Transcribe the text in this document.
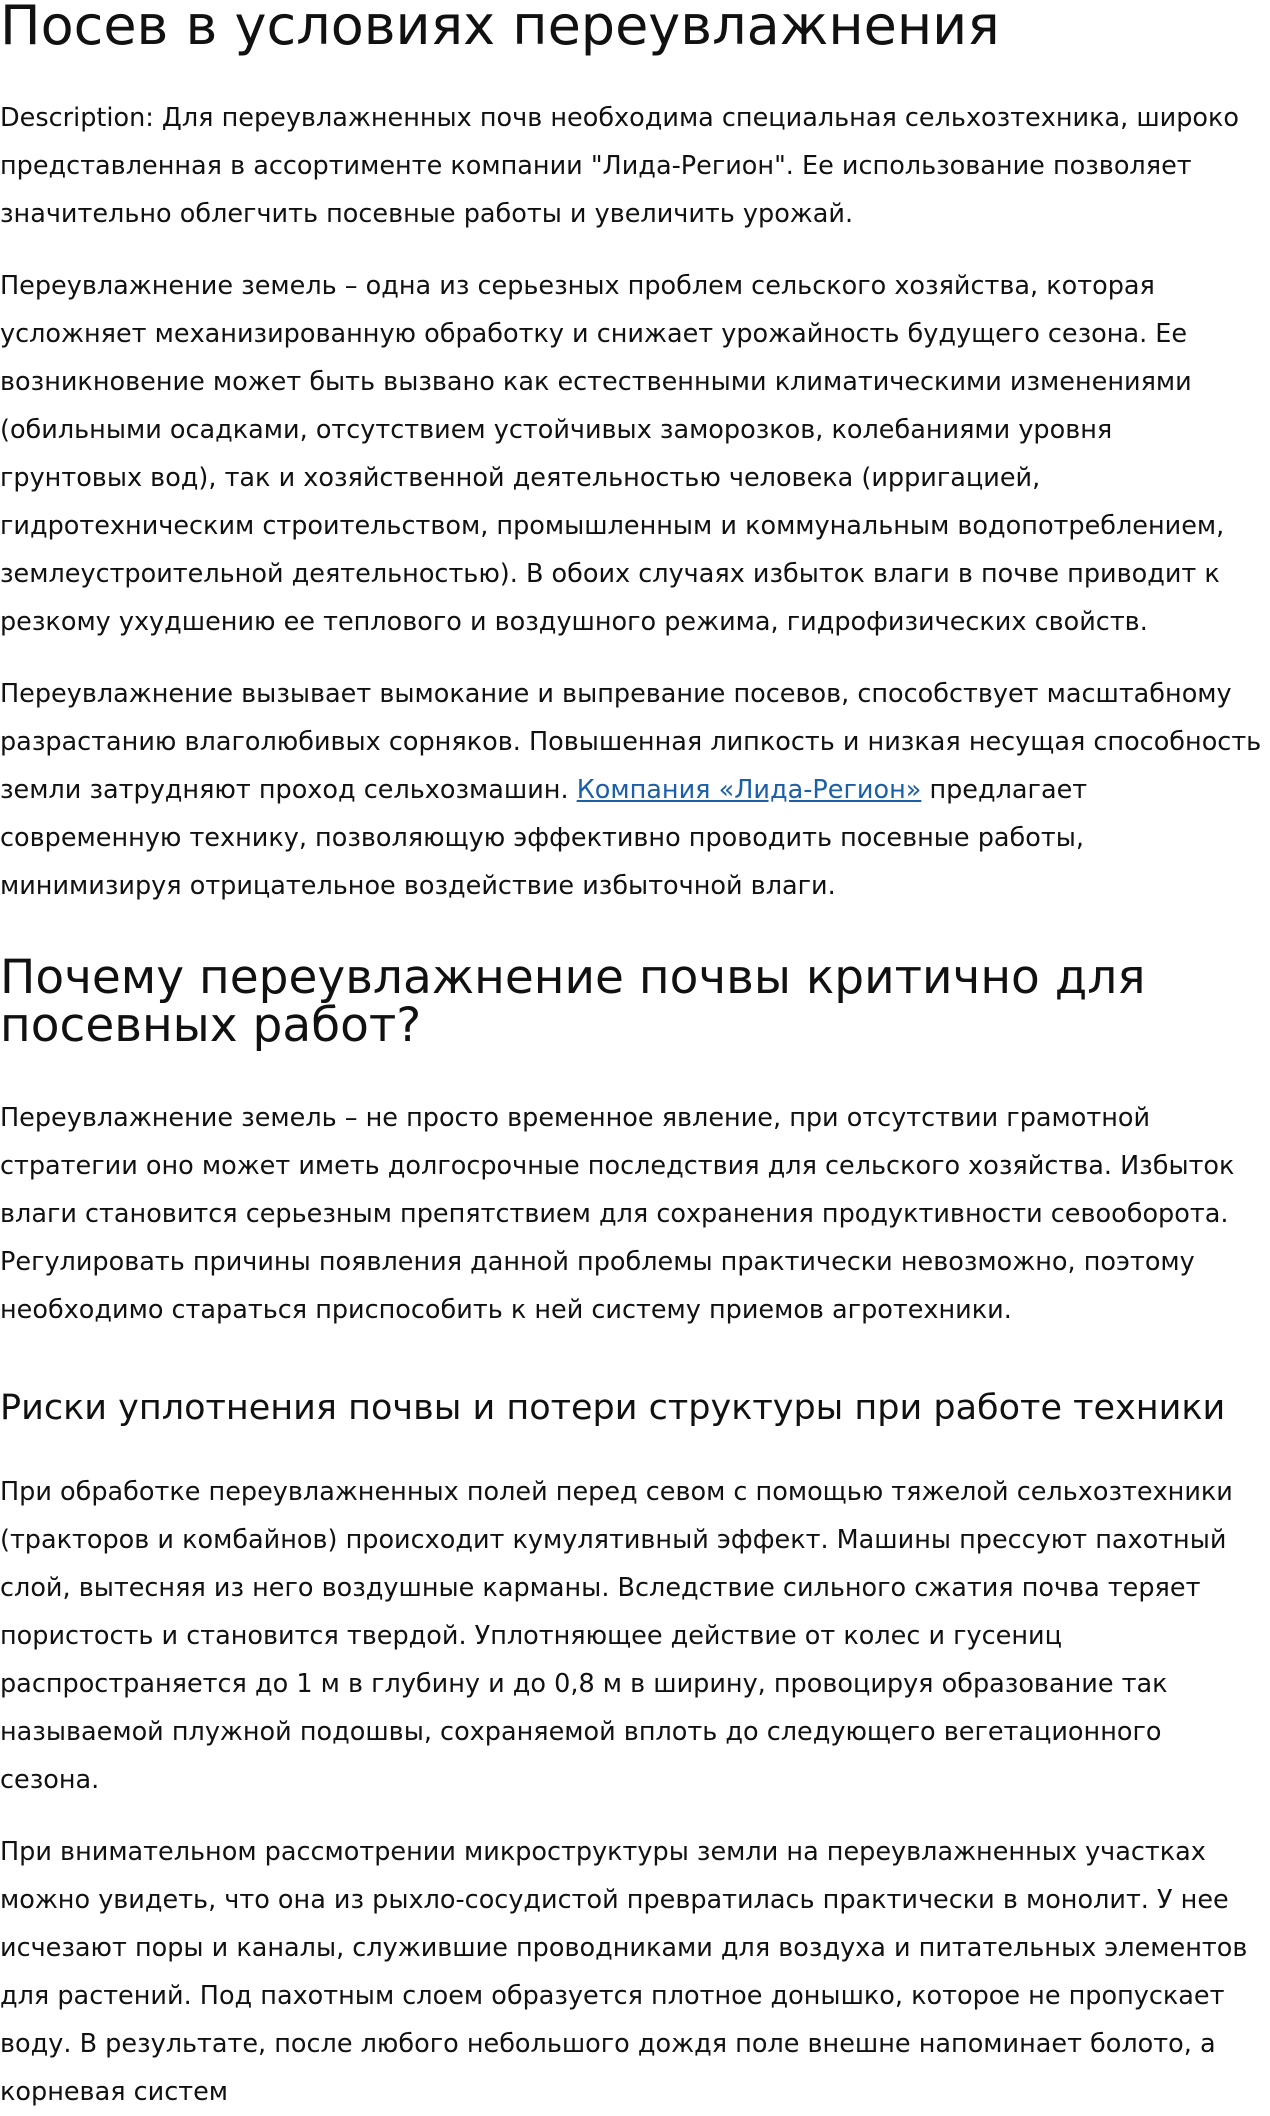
Посев в условиях переувлажнения

Description: Для переувлажненных почв необходима специальная сельхозтехника, широко представленная в ассортименте компании "Лида-Регион". Ее использование позволяет значительно облегчить посевные работы и увеличить урожай.

Переувлажнение земель – одна из серьезных проблем сельского хозяйства, которая усложняет механизированную обработку и снижает урожайность будущего сезона. Ее возникновение может быть вызвано как естественными климатическими изменениями (обильными осадками, отсутствием устойчивых заморозков, колебаниями уровня грунтовых вод), так и хозяйственной деятельностью человека (ирригацией, гидротехническим строительством, промышленным и коммунальным водопотреблением, землеустроительной деятельностью). В обоих случаях избыток влаги в почве приводит к резкому ухудшению ее теплового и воздушного режима, гидрофизических свойств.

Переувлажнение вызывает вымокание и выпревание посевов, способствует масштабному разрастанию влаголюбивых сорняков. Повышенная липкость и низкая несущая способность земли затрудняют проход сельхозмашин. Компания «Лида-Регион» предлагает современную технику, позволяющую эффективно проводить посевные работы, минимизируя отрицательное воздействие избыточной влаги.

Почему переувлажнение почвы критично для посевных работ?

Переувлажнение земель – не просто временное явление, при отсутствии грамотной стратегии оно может иметь долгосрочные последствия для сельского хозяйства. Избыток влаги становится серьезным препятствием для сохранения продуктивности севооборота. Регулировать причины появления данной проблемы практически невозможно, поэтому необходимо стараться приспособить к ней систему приемов агротехники.

Риски уплотнения почвы и потери структуры при работе техники

При обработке переувлажненных полей перед севом с помощью тяжелой сельхозтехники (тракторов и комбайнов) происходит кумулятивный эффект. Машины прессуют пахотный слой, вытесняя из него воздушные карманы. Вследствие сильного сжатия почва теряет пористость и становится твердой. Уплотняющее действие от колес и гусениц распространяется до 1 м в глубину и до 0,8 м в ширину, провоцируя образование так называемой плужной подошвы, сохраняемой вплоть до следующего вегетационного сезона.

При внимательном рассмотрении микроструктуры земли на переувлажненных участках можно увидеть, что она из рыхло-сосудистой превратилась практически в монолит. У нее исчезают поры и каналы, служившие проводниками для воздуха и питательных элементов для растений. Под пахотным слоем образуется плотное донышко, которое не пропускает воду. В результате, после любого небольшого дождя поле внешне напоминает болото, а корневая систем
